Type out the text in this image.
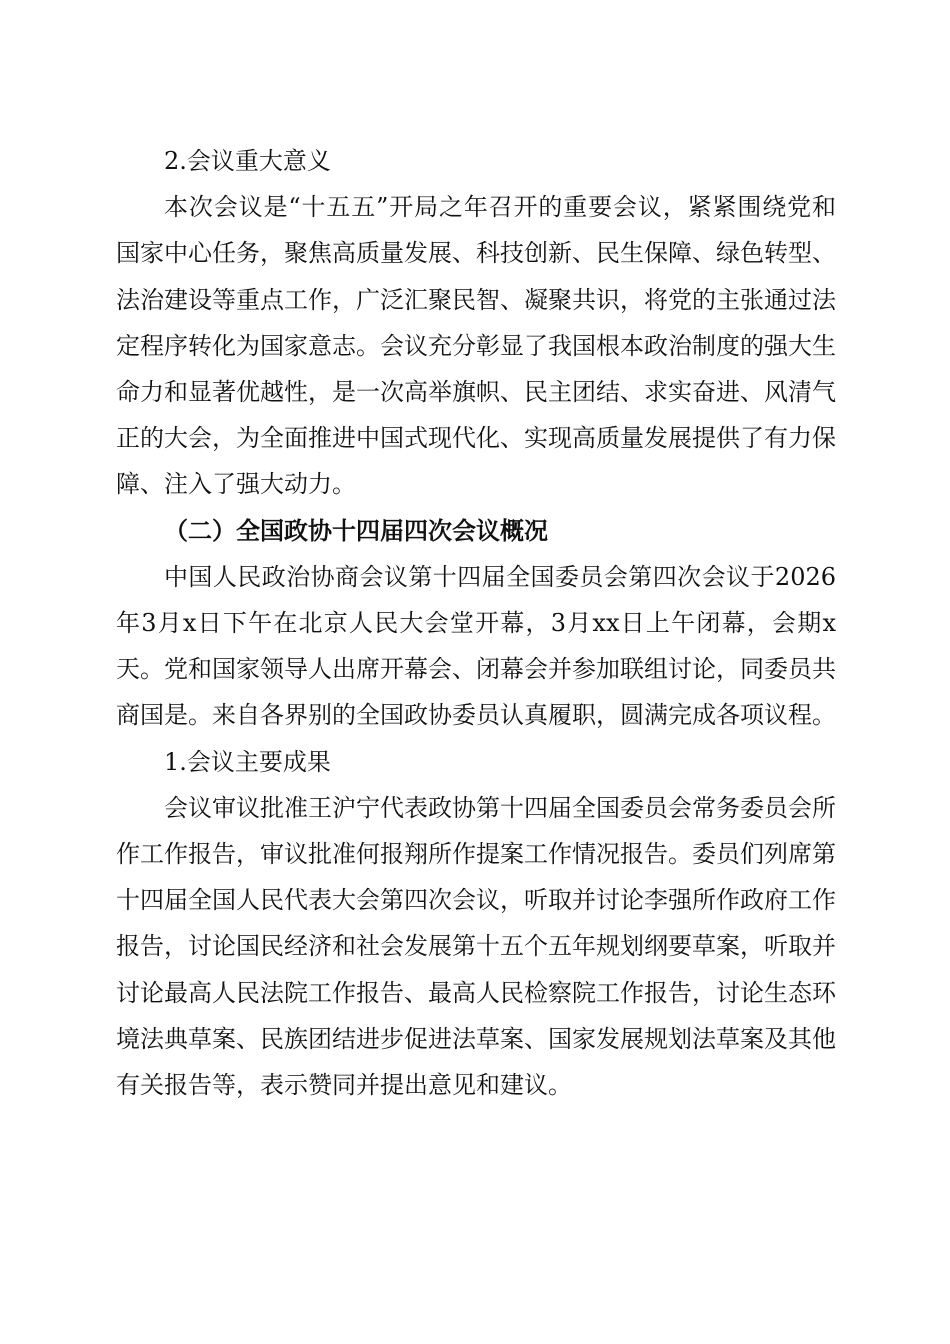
2.会议重大意义

本次会议是“十五五”开局之年召开的重要会议，紧紧围绕党和国家中心任务，聚焦高质量发展、科技创新、民生保障、绿色转型、法治建设等重点工作，广泛汇聚民智、凝聚共识，将党的主张通过法定程序转化为国家意志。会议充分彰显了我国根本政治制度的强大生命力和显著优越性，是一次高举旗帜、民主团结、求实奋进、风清气正的大会，为全面推进中国式现代化、实现高质量发展提供了有力保障、注入了强大动力。

（二）全国政协十四届四次会议概况

中国人民政治协商会议第十四届全国委员会第四次会议于2026年3月x日下午在北京人民大会堂开幕，3月xx日上午闭幕，会期x天。党和国家领导人出席开幕会、闭幕会并参加联组讨论，同委员共商国是。来自各界别的全国政协委员认真履职，圆满完成各项议程。

1.会议主要成果

会议审议批准王沪宁代表政协第十四届全国委员会常务委员会所作工作报告，审议批准何报翔所作提案工作情况报告。委员们列席第十四届全国人民代表大会第四次会议，听取并讨论李强所作政府工作报告，讨论国民经济和社会发展第十五个五年规划纲要草案，听取并讨论最高人民法院工作报告、最高人民检察院工作报告，讨论生态环境法典草案、民族团结进步促进法草案、国家发展规划法草案及其他有关报告等，表示赞同并提出意见和建议。
